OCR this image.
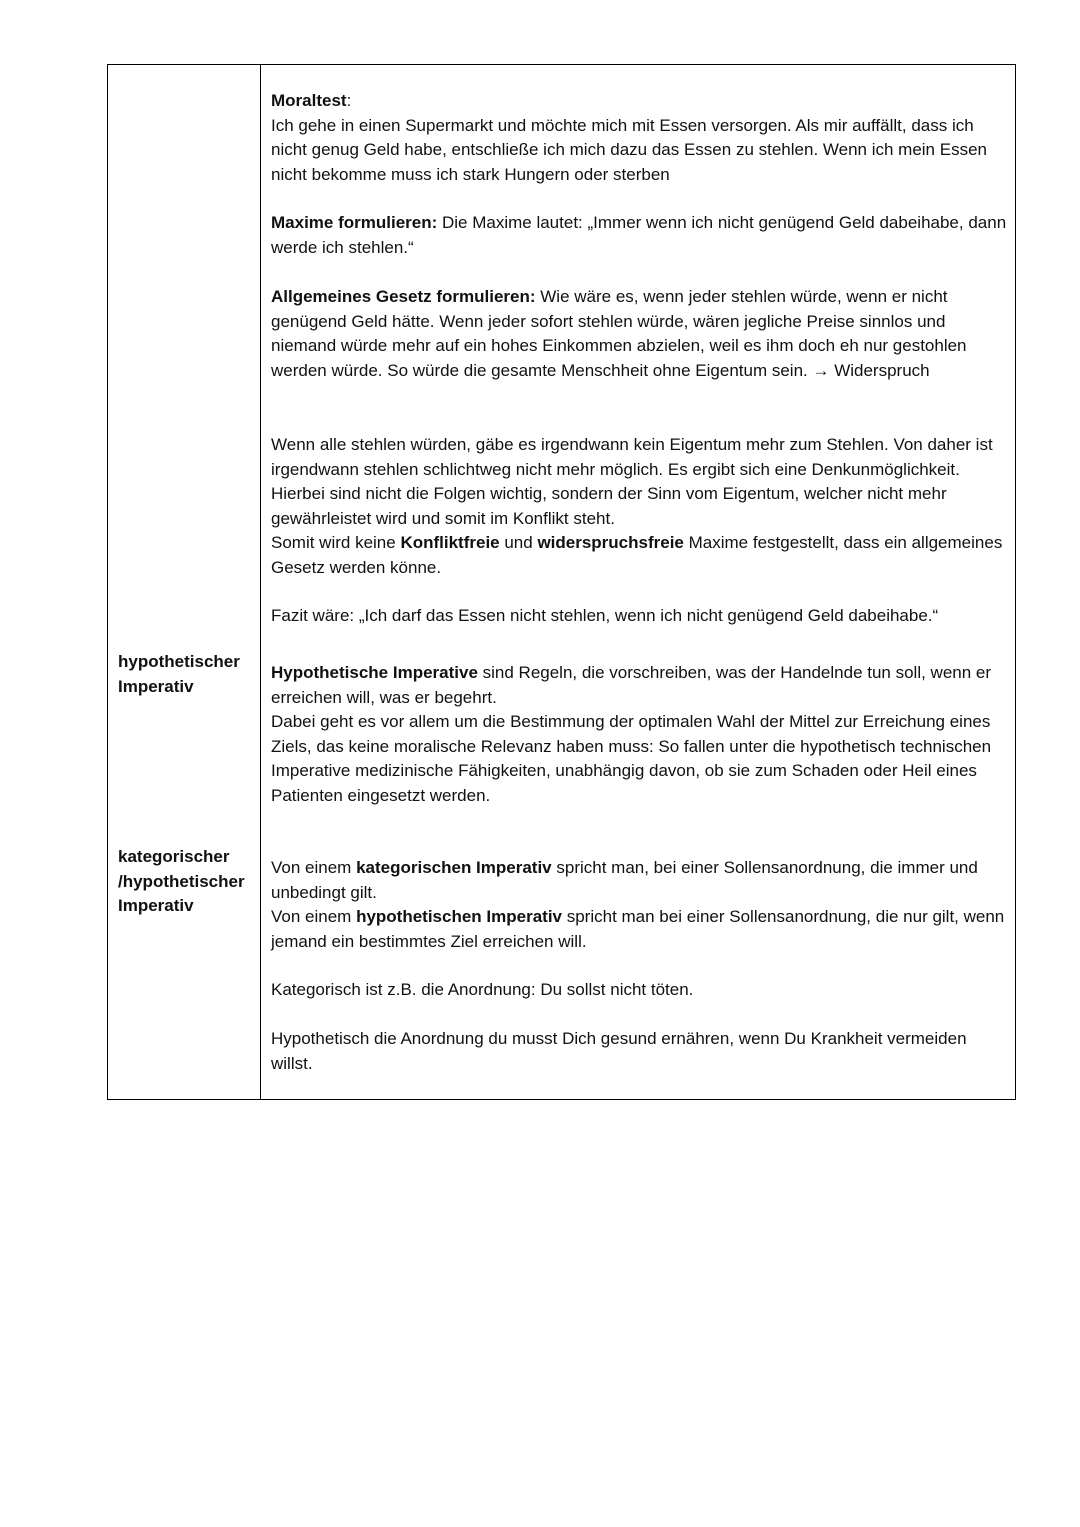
Moraltest:
Ich gehe in einen Supermarkt und möchte mich mit Essen versorgen. Als mir auffällt, dass ich nicht genug Geld habe, entschließe ich mich dazu das Essen zu stehlen. Wenn ich mein Essen nicht bekomme muss ich stark Hungern oder sterben
Maxime formulieren: Die Maxime lautet: „Immer wenn ich nicht genügend Geld dabeihabe, dann werde ich stehlen.“
Allgemeines Gesetz formulieren: Wie wäre es, wenn jeder stehlen würde, wenn er nicht genügend Geld hätte. Wenn jeder sofort stehlen würde, wären jegliche Preise sinnlos und niemand würde mehr auf ein hohes Einkommen abzielen, weil es ihm doch eh nur gestohlen werden würde. So würde die gesamte Menschheit ohne Eigentum sein. → Widerspruch
Wenn alle stehlen würden, gäbe es irgendwann kein Eigentum mehr zum Stehlen. Von daher ist irgendwann stehlen schlichtweg nicht mehr möglich. Es ergibt sich eine Denkunmöglichkeit. Hierbei sind nicht die Folgen wichtig, sondern der Sinn vom Eigentum, welcher nicht mehr gewährleistet wird und somit im Konflikt steht.
Somit wird keine Konfliktfreie und widerspruchsfreie Maxime festgestellt, dass ein allgemeines Gesetz werden könne.
Fazit wäre: „Ich darf das Essen nicht stehlen, wenn ich nicht genügend Geld dabeihabe.“
hypothetischer
Imperativ
Hypothetische Imperative sind Regeln, die vorschreiben, was der Handelnde tun soll, wenn er erreichen will, was er begehrt.
Dabei geht es vor allem um die Bestimmung der optimalen Wahl der Mittel zur Erreichung eines Ziels, das keine moralische Relevanz haben muss: So fallen unter die hypothetisch technischen Imperative medizinische Fähigkeiten, unabhängig davon, ob sie zum Schaden oder Heil eines Patienten eingesetzt werden.
kategorischer
/hypothetischer
Imperativ
Von einem kategorischen Imperativ spricht man, bei einer Sollensanordnung, die immer und unbedingt gilt.
Von einem hypothetischen Imperativ spricht man bei einer Sollensanordnung, die nur gilt, wenn jemand ein bestimmtes Ziel erreichen will.
Kategorisch ist z.B. die Anordnung: Du sollst nicht töten.
Hypothetisch die Anordnung du musst Dich gesund ernähren, wenn Du Krankheit vermeiden willst.
